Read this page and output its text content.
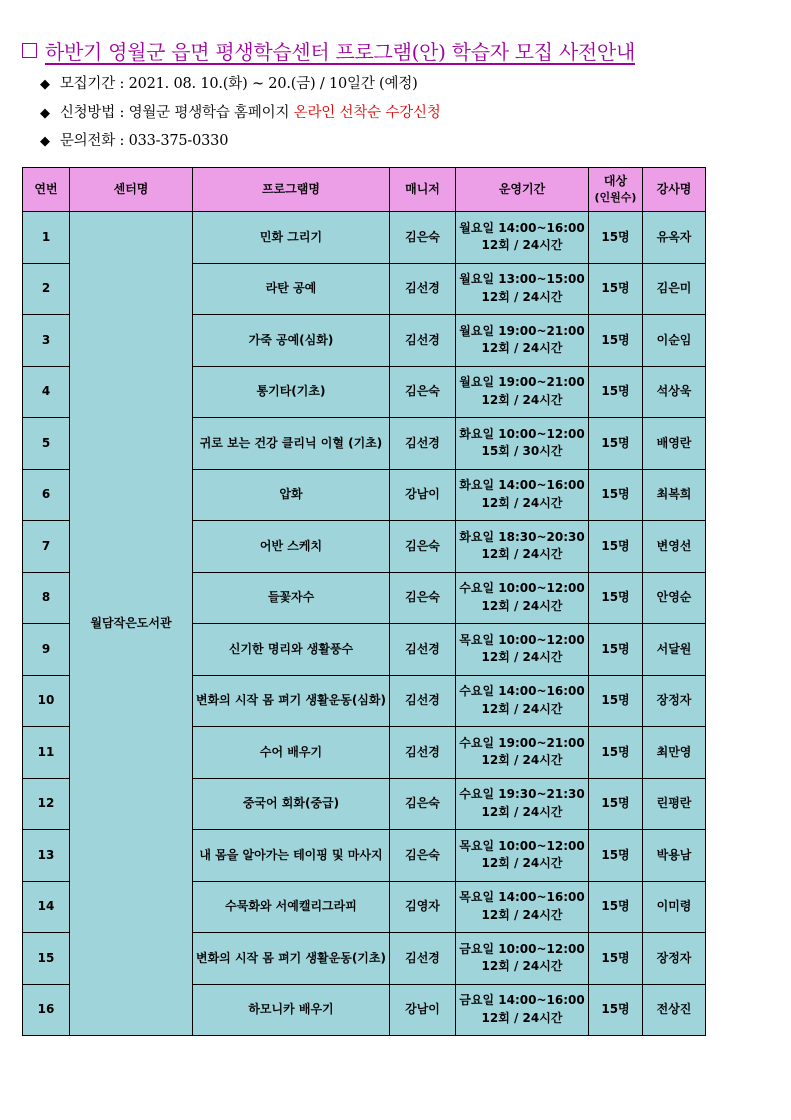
하반기 영월군 읍면 평생학습센터 프로그램(안) 학습자 모집 사전안내
◆ 모집기간 : 2021. 08. 10.(화) ~ 20.(금) / 10일간 (예정)
◆ 신청방법 : 영월군 평생학습 홈페이지 온라인 선착순 수강신청
◆ 문의전화 : 033-375-0330
연번	센터명	프로그램명	매니저	운영기간	대상
(인원수)	강사명
1	월담작은도서관	민화 그리기	김은숙	월요일 14:00~16:00
12회 / 24시간	15명	유옥자
2		라탄 공예	김선경	월요일 13:00~15:00
12회 / 24시간	15명	김은미
3		가죽 공예(심화)	김선경	월요일 19:00~21:00
12회 / 24시간	15명	이순임
4		통기타(기초)	김은숙	월요일 19:00~21:00
12회 / 24시간	15명	석상욱
5		귀로 보는 건강 클리닉 이혈 (기초)	김선경	화요일 10:00~12:00
15회 / 30시간	15명	배영란
6		압화	강남이	화요일 14:00~16:00
12회 / 24시간	15명	최복희
7		어반 스케치	김은숙	화요일 18:30~20:30
12회 / 24시간	15명	변영선
8		들꽃자수	김은숙	수요일 10:00~12:00
12회 / 24시간	15명	안영순
9		신기한 명리와 생활풍수	김선경	목요일 10:00~12:00
12회 / 24시간	15명	서달원
10		변화의 시작 몸 펴기 생활운동(심화)	김선경	수요일 14:00~16:00
12회 / 24시간	15명	장정자
11		수어 배우기	김선경	수요일 19:00~21:00
12회 / 24시간	15명	최만영
12		중국어 회화(중급)	김은숙	수요일 19:30~21:30
12회 / 24시간	15명	린평란
13		내 몸을 알아가는 테이핑 및 마사지	김은숙	목요일 10:00~12:00
12회 / 24시간	15명	박용남
14		수묵화와 서예캘리그라피	김영자	목요일 14:00~16:00
12회 / 24시간	15명	이미령
15		변화의 시작 몸 펴기 생활운동(기초)	김선경	금요일 10:00~12:00
12회 / 24시간	15명	장정자
16		하모니카 배우기	강남이	금요일 14:00~16:00
12회 / 24시간	15명	전상진
